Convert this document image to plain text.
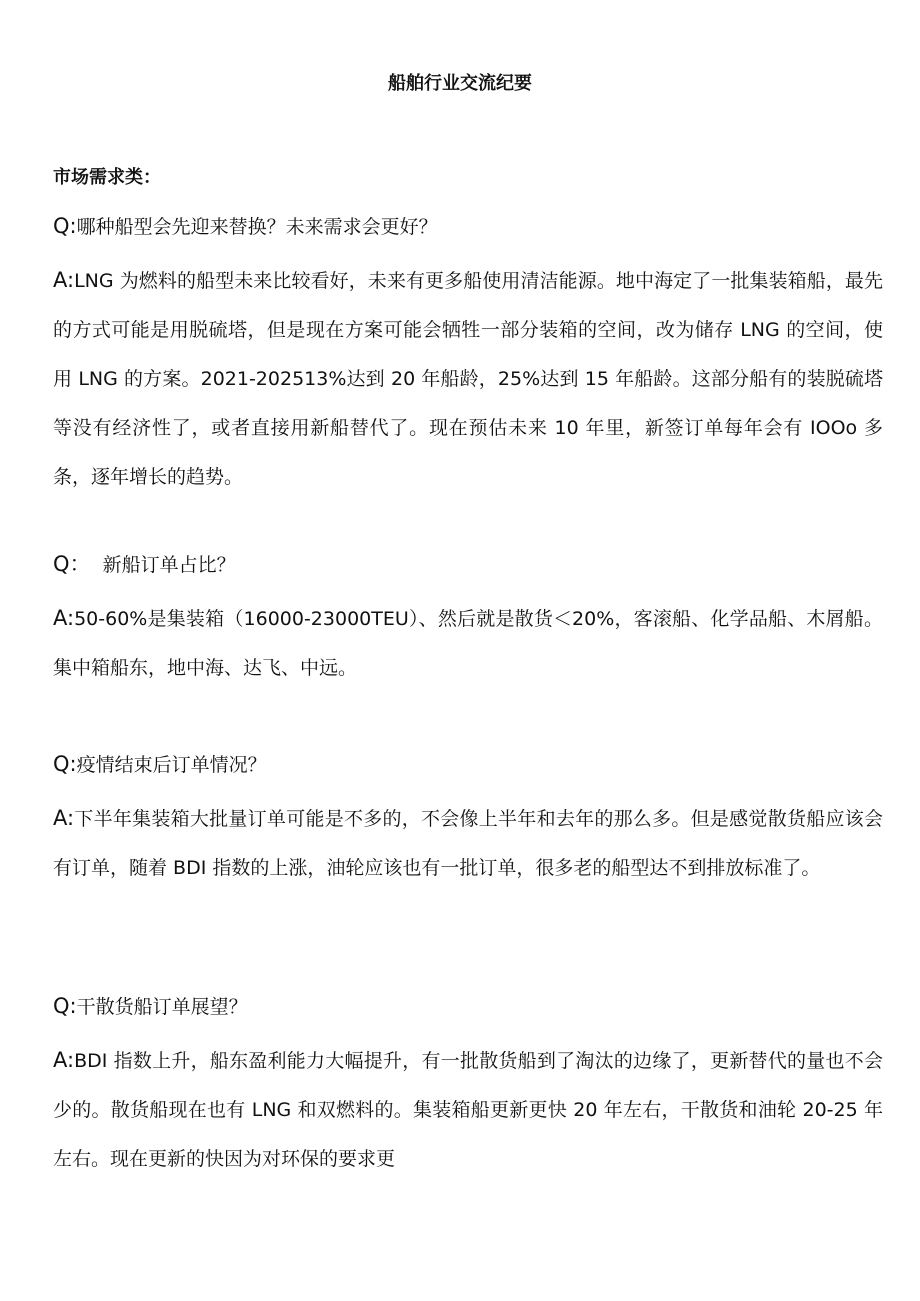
船舶行业交流纪要
市场需求类：

Q:哪种船型会先迎来替换？未来需求会更好？

A:LNG 为燃料的船型未来比较看好，未来有更多船使用清洁能源。地中海定了一批集装箱船，最先的方式可能是用脱硫塔，但是现在方案可能会牺牲一部分装箱的空间，改为储存 LNG 的空间，使用 LNG 的方案。2021-202513%达到 20 年船龄，25%达到 15 年船龄。这部分船有的装脱硫塔等没有经济性了，或者直接用新船替代了。现在预估未来 10 年里，新签订单每年会有 IOOo 多条，逐年增长的趋势。

Q：  新船订单占比？

A:50-60%是集装箱（16000-23000TEU）、然后就是散货＜20%，客滚船、化学品船、木屑船。集中箱船东，地中海、达飞、中远。

Q:疫情结束后订单情况？

A:下半年集装箱大批量订单可能是不多的，不会像上半年和去年的那么多。但是感觉散货船应该会有订单，随着 BDI 指数的上涨，油轮应该也有一批订单，很多老的船型达不到排放标准了。

Q:干散货船订单展望？

A:BDI 指数上升，船东盈利能力大幅提升，有一批散货船到了淘汰的边缘了，更新替代的量也不会少的。散货船现在也有 LNG 和双燃料的。集装箱船更新更快 20 年左右，干散货和油轮 20-25 年左右。现在更新的快因为对环保的要求更
